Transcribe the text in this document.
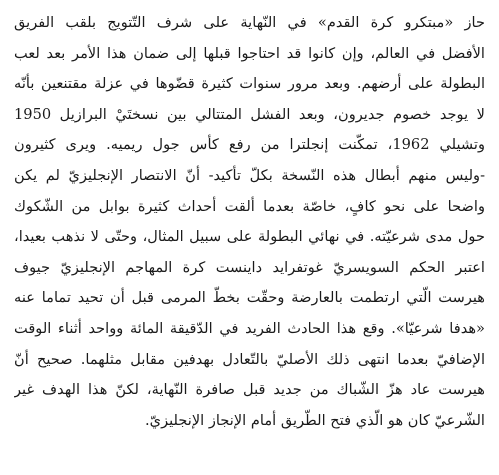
حاز «مبتكرو كرة القدم» في النّهاية على شرف التّتويج بلقب الفريق
الأفضل في العالم، وإن كانوا قد احتاجوا قبلها إلى ضمان هذا الأمر بعد لعب
البطولة على أرضهم. وبعد مرور سنوات كثيرة قضّوها في عزلة مقتنعين بأنّه
لا يوجد خصوم جديرون، وبعد الفشل المتتالي بين نسختَيْ البرازيل 1950
وتشيلي 1962، تمكّنت إنجلترا من رفع كأس جول ريميه. ويرى كثيرون
-وليس منهم أبطال هذه النّسخة بكلّ تأكيد- أنّ الانتصار الإنجليزيّ لم يكن
واضحا على نحو كافٍ، خاصّة بعدما ألقت أحداث كثيرة بوابل من الشّكوك
حول مدى شرعيّته. في نهائي البطولة على سبيل المثال، وحتّى لا نذهب بعيدا،
اعتبر الحكم السويسريّ غوتفرايد داينست كرة المهاجم الإنجليزيّ جيوف
هيرست الّتي ارتطمت بالعارضة وحقّت بخطّ المرمى قبل أن تحيد تماما عنه
«هدفا شرعيّا». وقع هذا الحادث الفريد في الدّقيقة المائة وواحد أثناء الوقت
الإضافيّ بعدما انتهى ذلك الأصليّ بالتّعادل بهدفين مقابل مثلهما. صحيح أنّ
هيرست عاد هزّ الشّباك من جديد قبل صافرة النّهاية، لكنّ هذا الهدف غير
الشّرعيّ كان هو الّذي فتح الطّريق أمام الإنجاز الإنجليزيّ.
